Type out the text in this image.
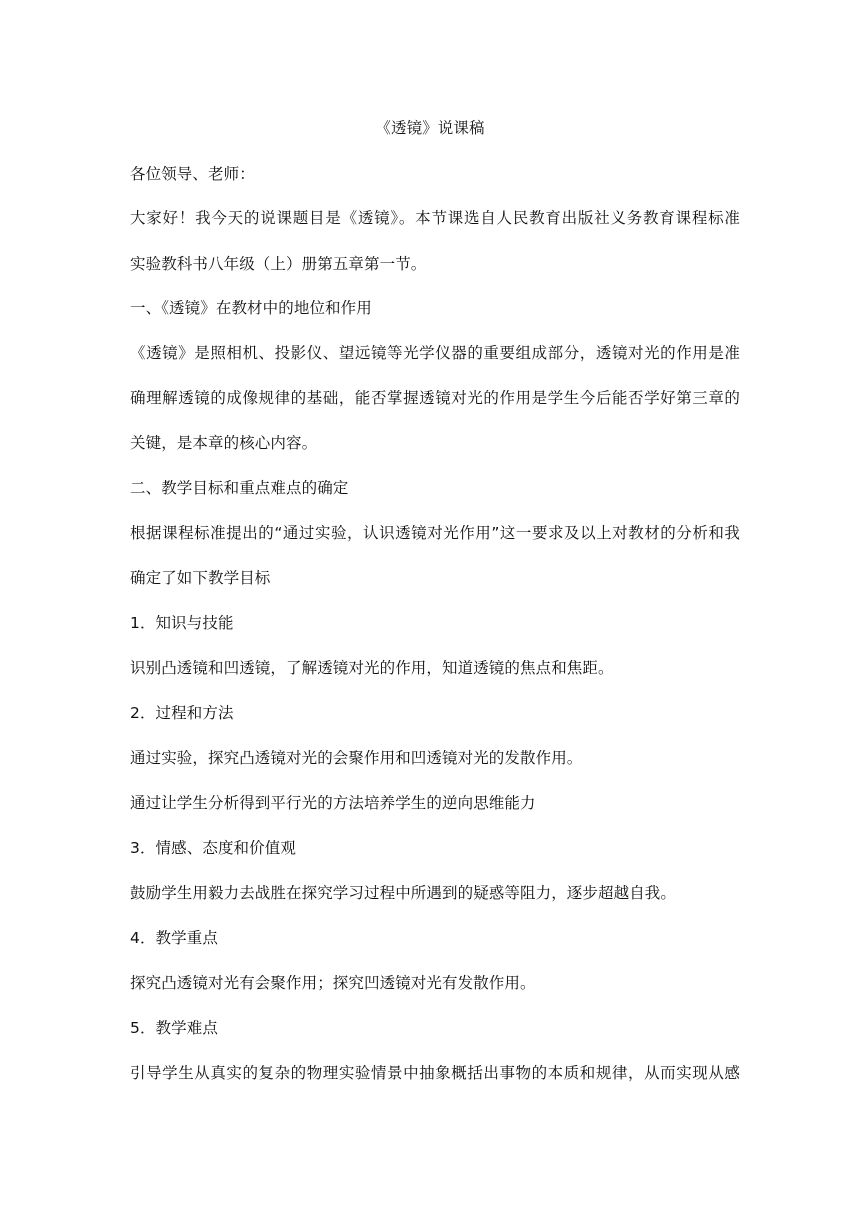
《透镜》说课稿
各位领导、老师：
大家好！我今天的说课题目是《透镜》。本节课选自人民教育出版社义务教育课程标准
实验教科书八年级（上）册第五章第一节。
一、《透镜》在教材中的地位和作用
《透镜》是照相机、投影仪、望远镜等光学仪器的重要组成部分，透镜对光的作用是准
确理解透镜的成像规律的基础，能否掌握透镜对光的作用是学生今后能否学好第三章的
关键，是本章的核心内容。
二、教学目标和重点难点的确定
根据课程标准提出的“通过实验，认识透镜对光作用”这一要求及以上对教材的分析和我
确定了如下教学目标
1．知识与技能
识别凸透镜和凹透镜，了解透镜对光的作用，知道透镜的焦点和焦距。
2．过程和方法
通过实验，探究凸透镜对光的会聚作用和凹透镜对光的发散作用。
通过让学生分析得到平行光的方法培养学生的逆向思维能力
3．情感、态度和价值观
鼓励学生用毅力去战胜在探究学习过程中所遇到的疑惑等阻力，逐步超越自我。
4．教学重点
探究凸透镜对光有会聚作用；探究凹透镜对光有发散作用。
5．教学难点
引导学生从真实的复杂的物理实验情景中抽象概括出事物的本质和规律，从而实现从感
